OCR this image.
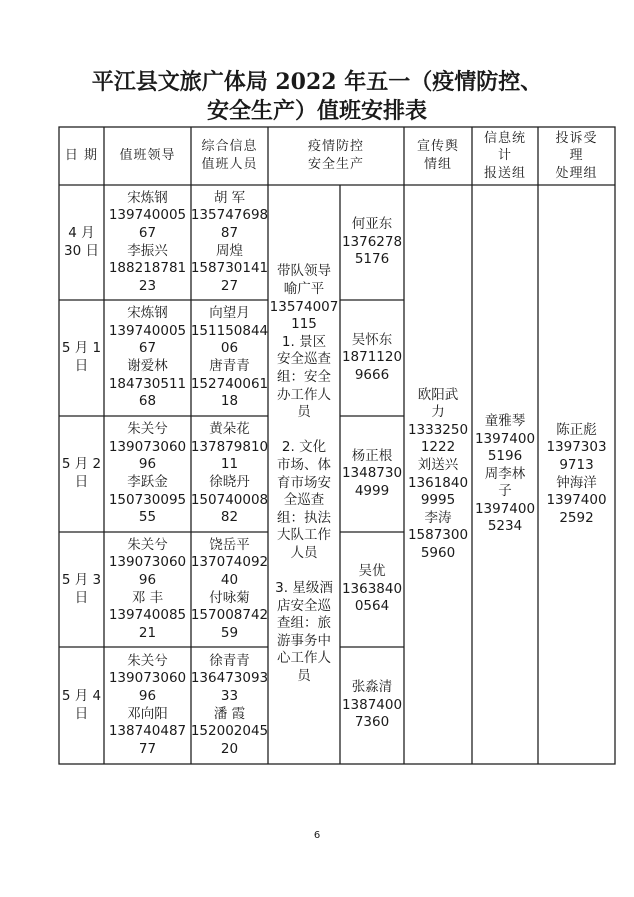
平江县文旅广体局 2022 年五一（疫情防控、
安全生产）值班安排表
日 期 值班领导
综合信息
值班人员
疫情防控
安全生产
宣传舆
情组
信息统
计
报送组
投诉受
理
处理组
4 月
30 日
宋炼钢
139740005
67
李振兴
188218781
23
胡 军
135747698
87
周煌
158730141
27
何亚东
1376278
5176
5 月 1
日
宋炼钢
139740005
67
谢爱林
184730511
68
向望月
151150844
06
唐青青
152740061
18
吴怀东
1871120
9666
5 月 2
日
朱关兮
139073060
96
李跃金
150730095
55
黄朵花
137879810
11
徐晓丹
150740008
82
杨正根
1348730
4999
5 月 3
日
朱关兮
139073060
96
邓 丰
139740085
21
饶岳平
137074092
40
付咏菊
157008742
59
吴优
1363840
0564
5 月 4
日
朱关兮
139073060
96
邓向阳
138740487
77
徐青青
136473093
33
潘 霞
152002045
20
张淼清
1387400
7360
带队领导
喻广平
13574007
115
1. 景区
安全巡查
组：安全
办工作人
员

2. 文化
市场、体
育市场安
全巡查
组：执法
大队工作
人员

3. 星级酒
店安全巡
查组：旅
游事务中
心工作人
员
欧阳武
力
1333250
1222
刘送兴
1361840
9995
李涛
1587300
5960
童雅琴
1397400
5196
周李林
子
1397400
5234
陈正彪
1397303
9713
钟海洋
1397400
2592
6
